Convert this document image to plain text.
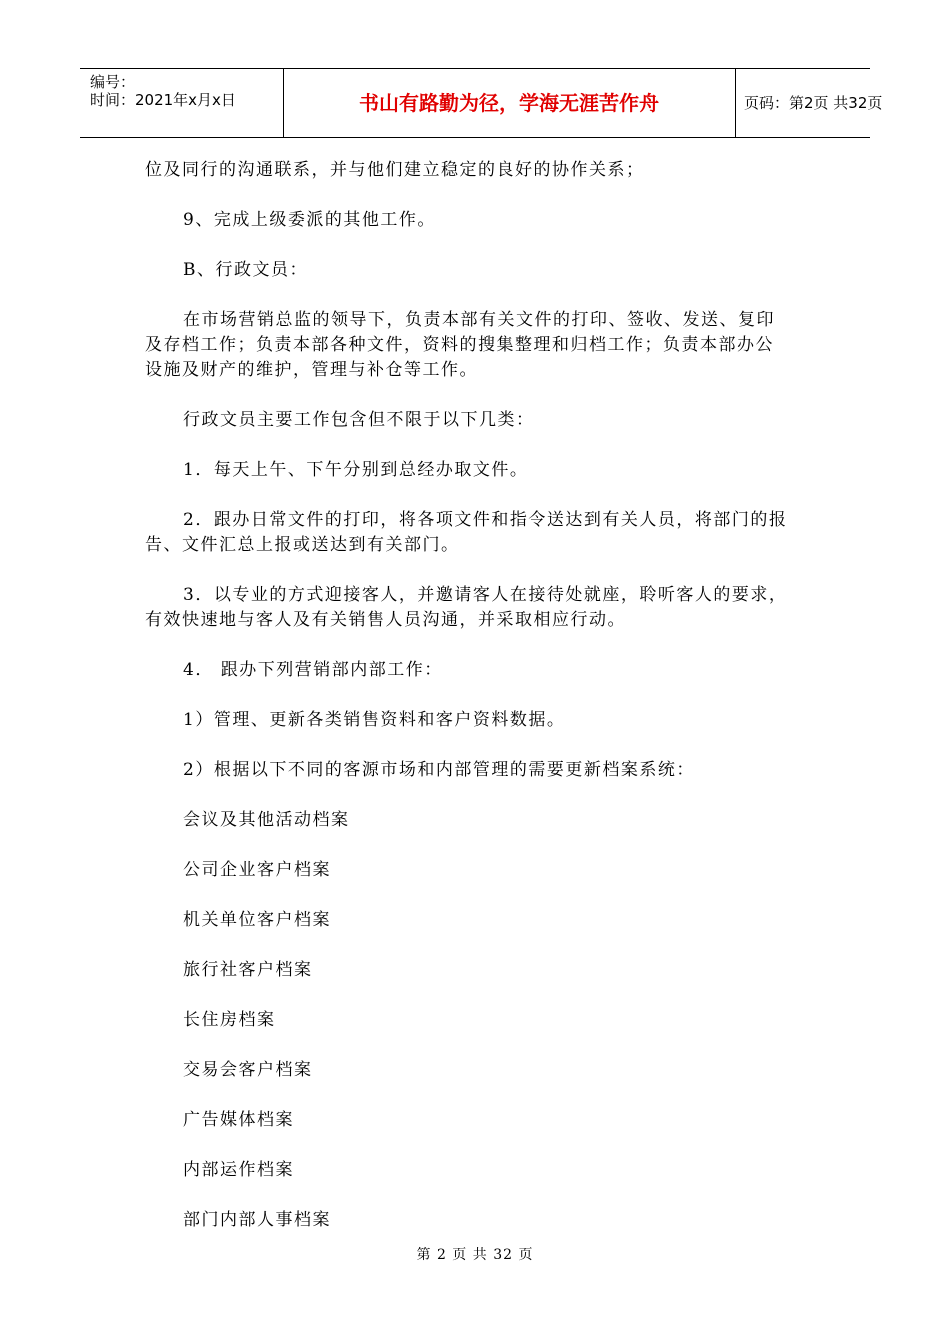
编号：
时间：2021年x月x日	书山有路勤为径，学海无涯苦作舟	页码：第2页 共32页

位及同行的沟通联系，并与他们建立稳定的良好的协作关系；

9、完成上级委派的其他工作。

B、行政文员：

在市场营销总监的领导下，负责本部有关文件的打印、签收、发送、复印

及存档工作；负责本部各种文件，资料的搜集整理和归档工作；负责本部办公

设施及财产的维护，管理与补仓等工作。

行政文员主要工作包含但不限于以下几类：

1．每天上午、下午分别到总经办取文件。

2．跟办日常文件的打印，将各项文件和指令送达到有关人员，将部门的报

告、文件汇总上报或送达到有关部门。

3．以专业的方式迎接客人，并邀请客人在接待处就座，聆听客人的要求，

有效快速地与客人及有关销售人员沟通，并采取相应行动。

4． 跟办下列营销部内部工作：

1）管理、更新各类销售资料和客户资料数据。

2）根据以下不同的客源市场和内部管理的需要更新档案系统：

会议及其他活动档案

公司企业客户档案

机关单位客户档案

旅行社客户档案

长住房档案

交易会客户档案

广告媒体档案

内部运作档案

部门内部人事档案

第 2 页 共 32 页
